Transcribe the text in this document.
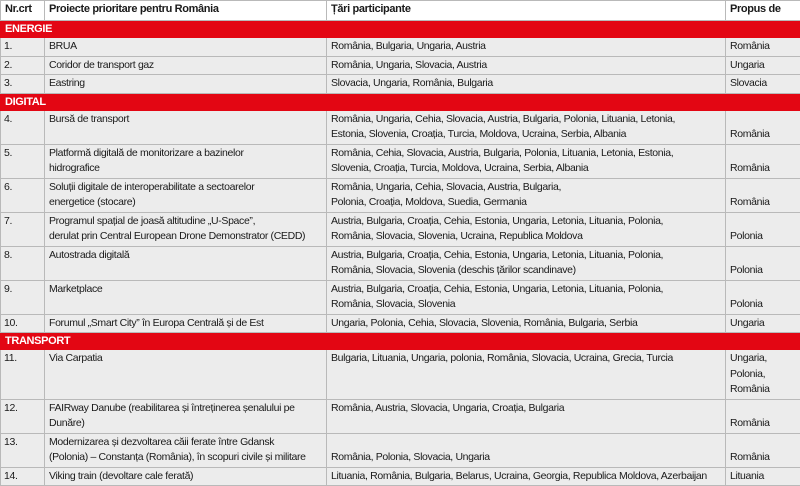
Nr.crt	Proiecte prioritare pentru România	Țări participante	Propus de
ENERGIE			
1.	BRUA	România, Bulgaria, Ungaria, Austria	România

2.	Coridor de transport gaz	România, Ungaria, Slovacia, Austria	Ungaria

3.	Eastring	Slovacia, Ungaria, România, Bulgaria	Slovacia

DIGITAL			
4.	Bursă de transport	România, Ungaria, Cehia, Slovacia, Austria, Bulgaria, Polonia, Lituania, Letonia,
Estonia, Slovenia, Croația, Turcia, Moldova, Ucraina, Serbia, Albania	România

5.	Platformă digitală de monitorizare a bazinelor
hidrografice	România, Cehia, Slovacia, Austria, Bulgaria, Polonia, Lituania, Letonia, Estonia,
Slovenia, Croația, Turcia, Moldova, Ucraina, Serbia, Albania	România

6.	Soluții digitale de interoperabilitate a sectoarelor
energetice (stocare)	România, Ungaria, Cehia, Slovacia, Austria, Bulgaria,
Polonia, Croația, Moldova, Suedia, Germania	România

7.	Programul spațial de joasă altitudine „U-Space”,
derulat prin Central European Drone Demonstrator (CEDD)	Austria, Bulgaria, Croația, Cehia, Estonia, Ungaria, Letonia, Lituania, Polonia,
România, Slovacia, Slovenia, Ucraina, Republica Moldova	Polonia

8.	Autostrada digitală	Austria, Bulgaria, Croația, Cehia, Estonia, Ungaria, Letonia, Lituania, Polonia,
România, Slovacia, Slovenia (deschis țărilor scandinave)	Polonia

9.	Marketplace	Austria, Bulgaria, Croația, Cehia, Estonia, Ungaria, Letonia, Lituania, Polonia,
România, Slovacia, Slovenia	Polonia

10.	Forumul „Smart City” în Europa Centrală și de Est	Ungaria, Polonia, Cehia, Slovacia, Slovenia, România, Bulgaria, Serbia	Ungaria

TRANSPORT			
11.	Via Carpatia	Bulgaria, Lituania, Ungaria, polonia, România, Slovacia, Ucraina, Grecia, Turcia	Ungaria,
Polonia,
România

12.	FAIRway Danube (reabilitarea și întreținerea șenalului pe Dunăre)	România, Austria, Slovacia, Ungaria, Croația, Bulgaria	România

13.	Modernizarea și dezvoltarea căii ferate între Gdansk
(Polonia) – Constanța (România), în scopuri civile și militare	România, Polonia, Slovacia, Ungaria	România

14.	Viking train (devoltare cale ferată)	Lituania, România, Bulgaria, Belarus, Ucraina, Georgia, Republica Moldova, Azerbaijan	Lituania
